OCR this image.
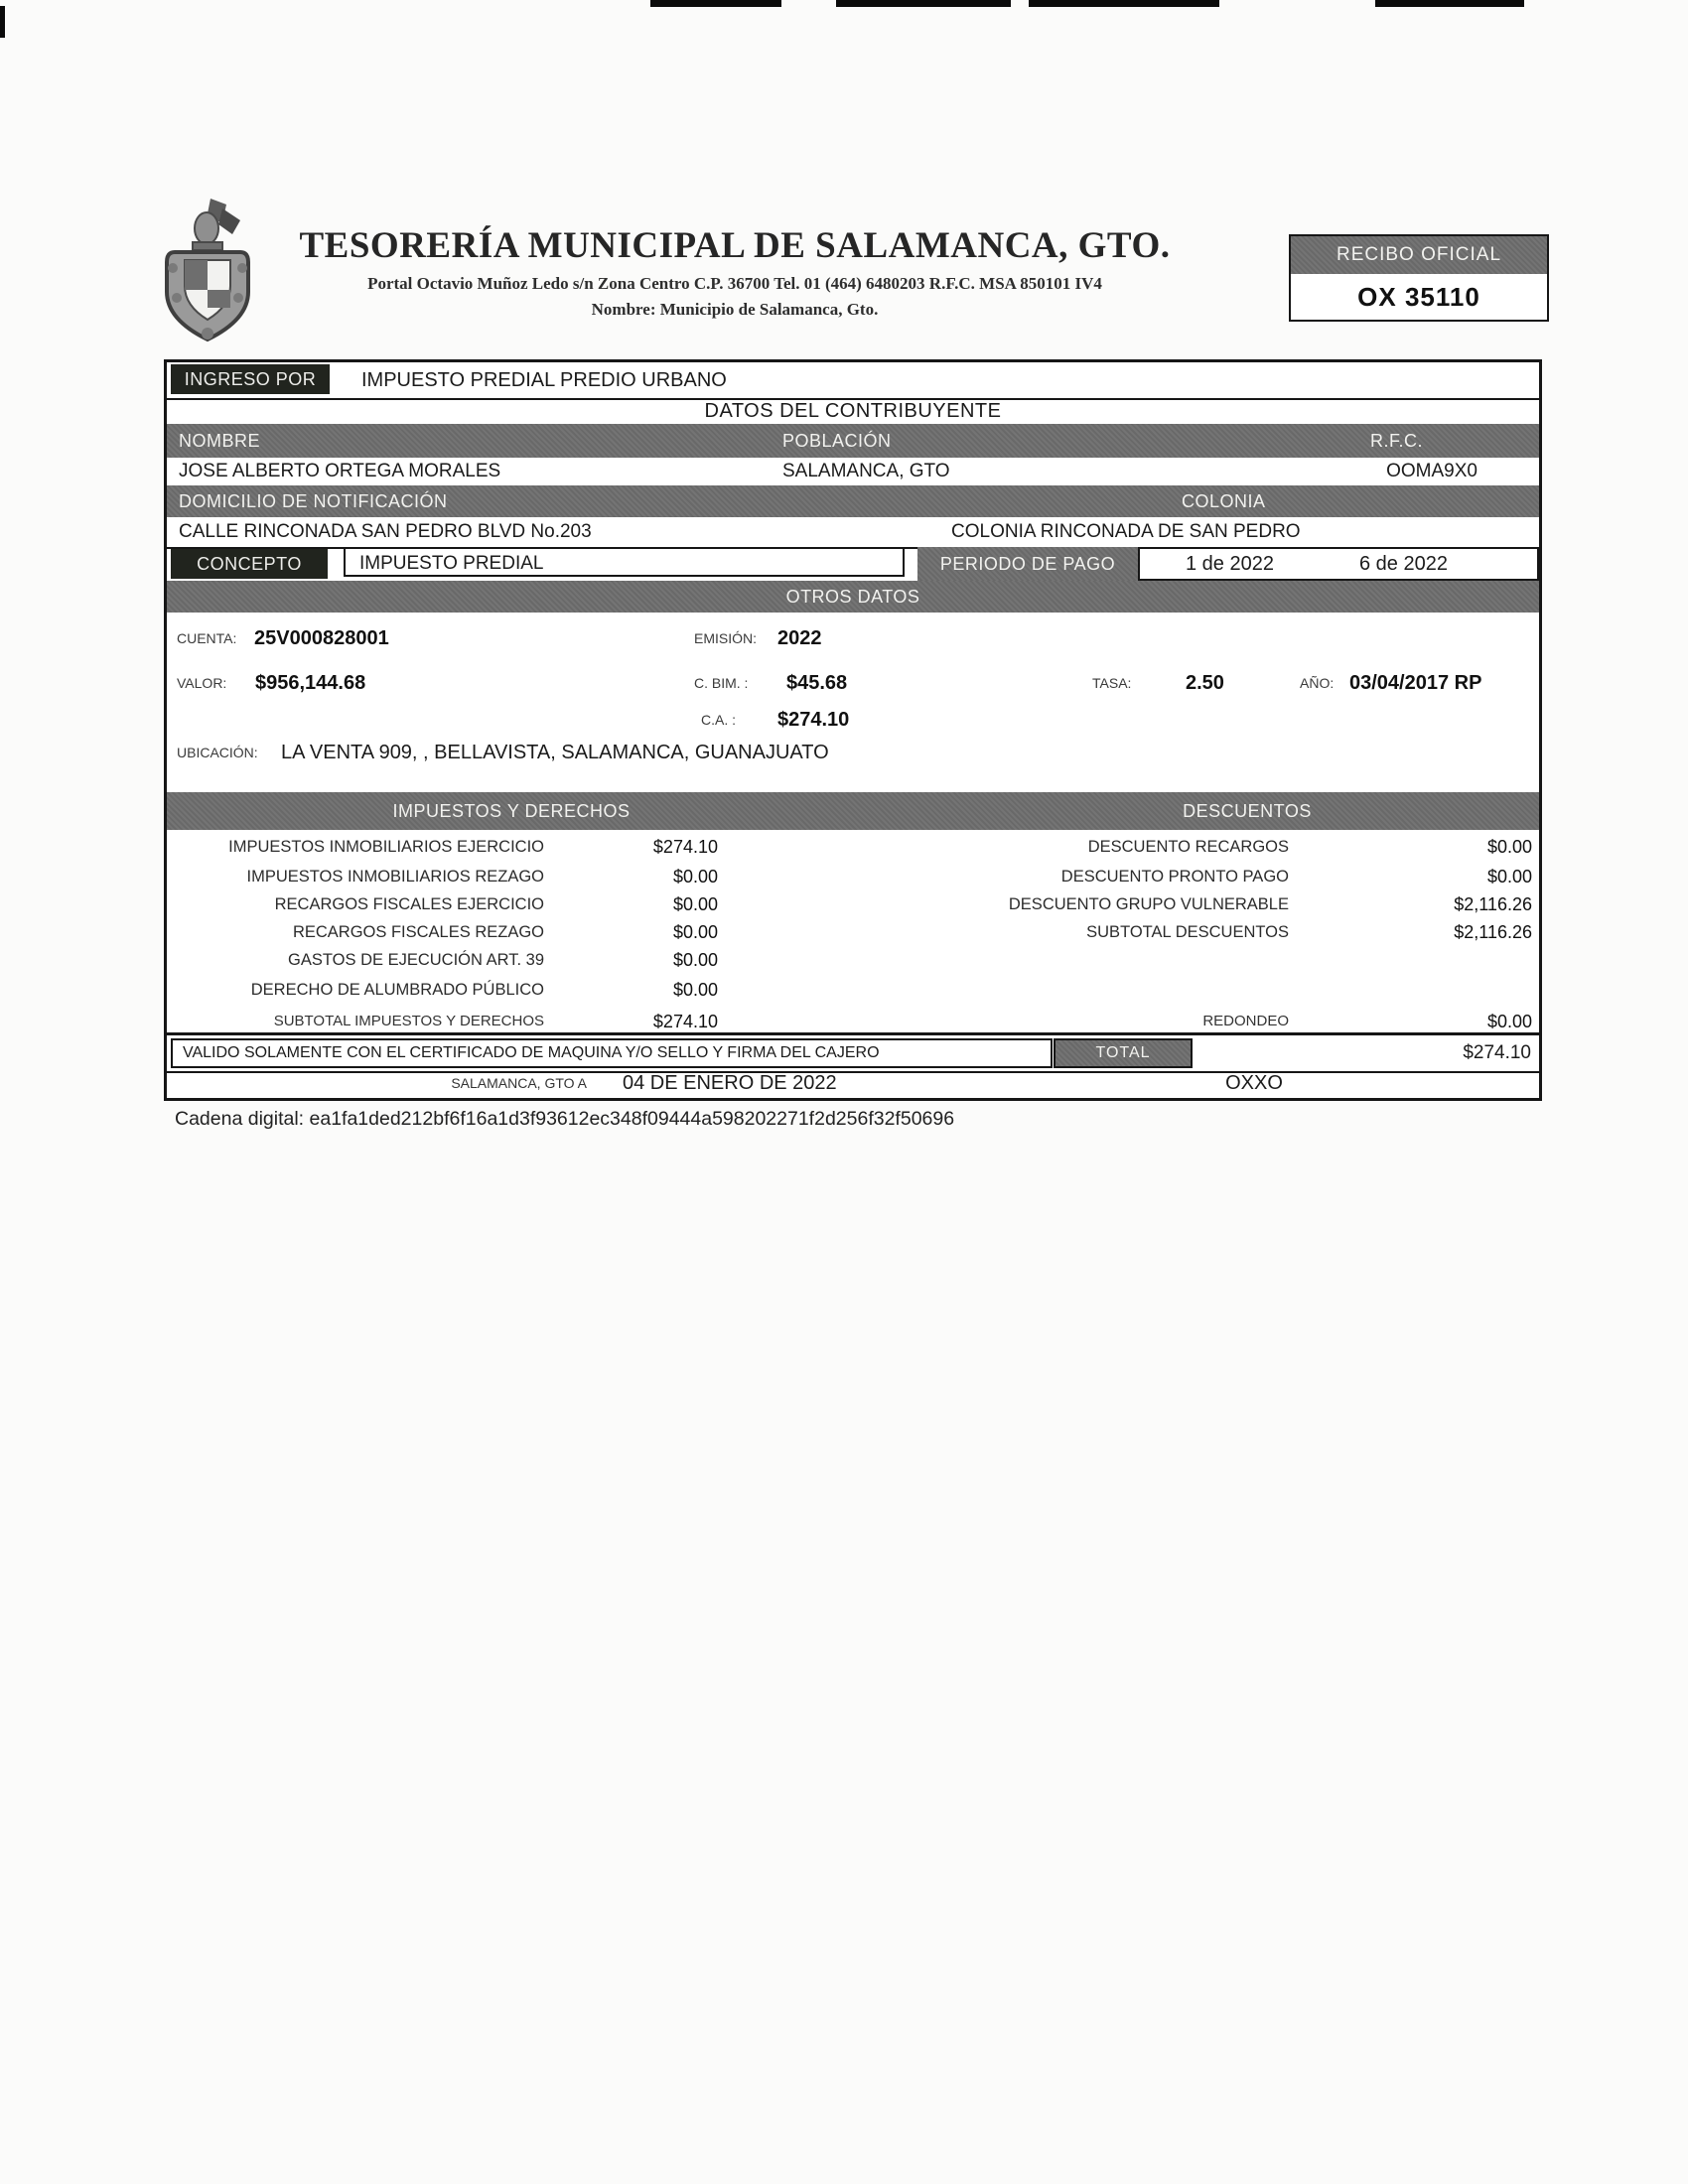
TESORERÍA MUNICIPAL DE SALAMANCA, GTO.
Portal Octavio Muñoz Ledo s/n Zona Centro C.P. 36700 Tel. 01 (464) 6480203 R.F.C. MSA 850101 IV4
Nombre: Municipio de Salamanca, Gto.
RECIBO OFICIAL
OX 35110
INGRESO POR	IMPUESTO PREDIAL PREDIO URBANO
DATOS DEL CONTRIBUYENTE
NOMBRE	POBLACIÓN	R.F.C.
JOSE ALBERTO ORTEGA MORALES	SALAMANCA, GTO	OOMA9X0
DOMICILIO DE NOTIFICACIÓN	COLONIA
CALLE RINCONADA SAN PEDRO BLVD No.203	COLONIA RINCONADA DE SAN PEDRO
CONCEPTO	IMPUESTO PREDIAL	PERIODO DE PAGO	1 de 2022	6 de 2022
OTROS DATOS
CUENTA: 25V000828001	EMISIÓN: 2022
VALOR: $956,144.68	C. BIM. : $45.68	TASA:	2.50	AÑO: 03/04/2017 RP
C.A. : $274.10
UBICACIÓN: LA VENTA 909, , BELLAVISTA, SALAMANCA, GUANAJUATO
IMPUESTOS Y DERECHOS	DESCUENTOS
IMPUESTOS INMOBILIARIOS EJERCICIO	$274.10
IMPUESTOS INMOBILIARIOS REZAGO	$0.00
RECARGOS FISCALES EJERCICIO	$0.00
RECARGOS FISCALES REZAGO	$0.00
GASTOS DE EJECUCIÓN ART. 39	$0.00
DERECHO DE ALUMBRADO PÚBLICO	$0.00
SUBTOTAL IMPUESTOS Y DERECHOS	$274.10
DESCUENTO RECARGOS	$0.00
DESCUENTO PRONTO PAGO	$0.00
DESCUENTO GRUPO VULNERABLE	$2,116.26
SUBTOTAL DESCUENTOS	$2,116.26
REDONDEO	$0.00
VALIDO SOLAMENTE CON EL CERTIFICADO DE MAQUINA Y/O SELLO Y FIRMA DEL CAJERO	TOTAL	$274.10
SALAMANCA, GTO A 04 DE ENERO DE 2022	OXXO
Cadena digital: ea1fa1ded212bf6f16a1d3f93612ec348f09444a598202271f2d256f32f50696
